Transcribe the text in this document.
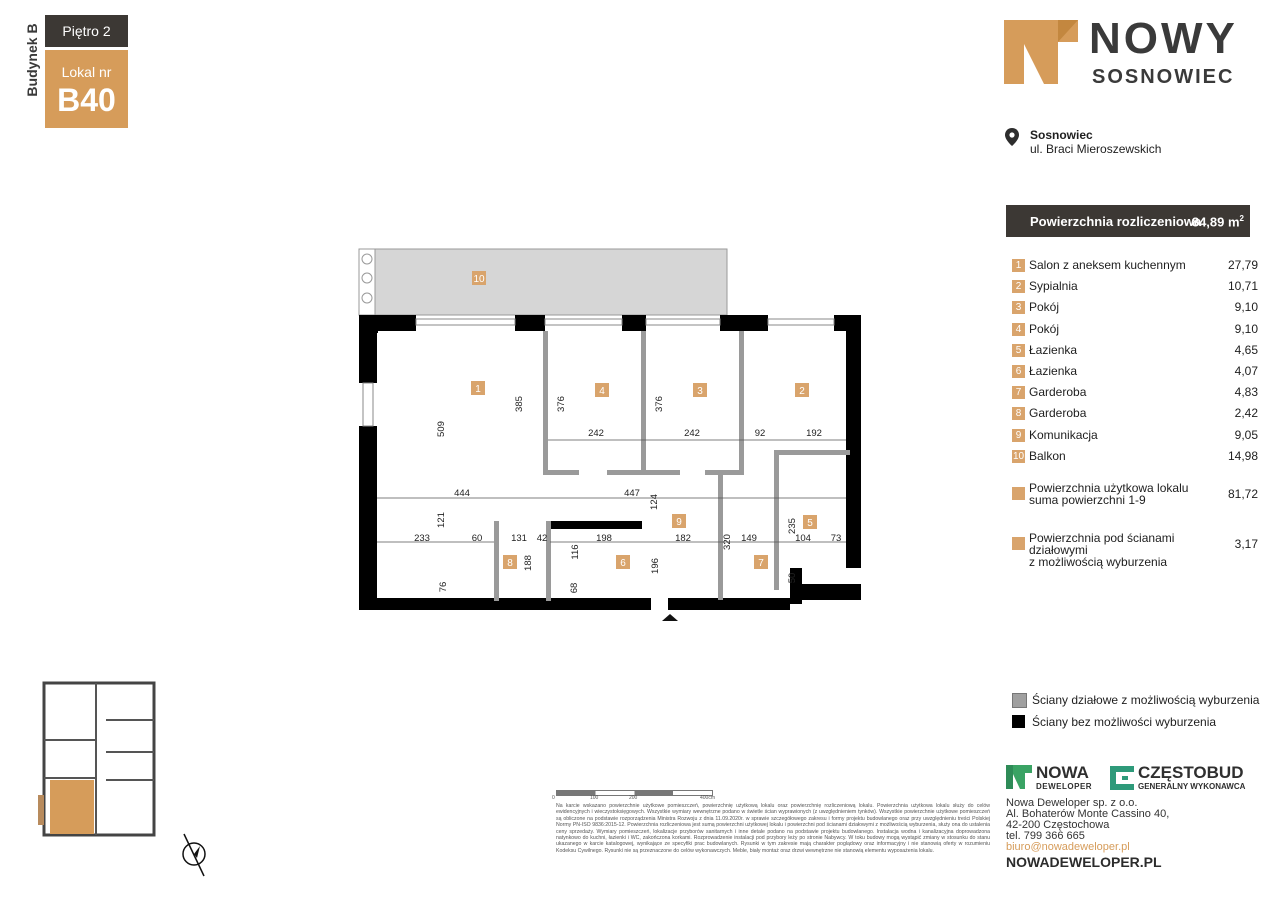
Budynek B	Piętro 2
Lokal nr
B40
NOWY
SOSNOWIEC
Sosnowiec
ul. Braci Mieroszewskich
Powierzchnia rozliczeniowa
84,89 $m^2$
1 Salon z aneksem kuchennym	27,79
2 Sypialnia	10,71
3 Pokój	9,10
4 Pokój	9,10
5 Łazienka	4,65
6 Łazienka	4,07
7 Garderoba	4,83
8 Garderoba	2,42
9 Komunikacja	9,05
10 Balkon	14,98
Powierzchnia użytkowa lokalu
suma powierzchni 1-9	81,72
Powierzchnia pod ścianami działowymi
z możliwością wyburzenia
3,17
1	2
3
4
5
6	7
8
9
10
385
509
376
242
376
242	92	192
444	447
124
121
233	60	131 42	198	182	320 149
235
104 73
188
116
68
196
76
50
0	100	200	400cm
Na karcie wskazano powierzchnie użytkowe pomieszczeń, powierzchnię użytkową lokalu oraz powierzchnię rozliczeniową lokalu. Powierzchnia użytkowa lokalu służy do celów ewidencyjnych i wieczystoksięgowych. Wszystkie wymiary wewnętrzne podano w świetle ścian wyprawionych (z uwzględnieniem tynków). Wszystkie powierzchnie użytkowe pomieszczeń są obliczone na podstawie rozporządzenia Ministra Rozwoju z dnia 11.09.2020r. w sprawie szczegółowego zakresu i formy projektu budowlanego oraz przy uwzględnieniu treści Polskiej Normy PN-ISO 9836:2015-12. Powierzchnia rozliczeniowa jest sumą powierzchni użytkowej lokalu i powierzchni pod ścianami działowymi z możliwością wyburzenia, służy ona do ustalenia ceny sprzedaży. Wymiary pomieszczeń, lokalizacje przyborów sanitarnych i inne detale podano na podstawie projektu budowlanego. Instalacja wodna i kanalizacyjna doprowadzona natynkowo do kuchni, łazienki i WC, zakończona korkami. Rozprowadzenie instalacji pod przybory leży po stronie Nabywcy. W toku budowy mogą wystąpić zmiany w stosunku do stanu ukazanego w karcie katalogowej, wynikające ze specyfiki prac budowlanych. Rysunki w tym zakresie mają charakter poglądowy oraz informacyjny i nie stanowią oferty w rozumieniu Kodeksu Cywilnego. Rysunki nie są przeznaczone do celów wykonawczych. Meble, biały montaż oraz drzwi wewnętrzne nie stanowią elementu wyposażenia lokalu.
Ściany działowe z możliwością wyburzenia
Ściany bez możliwości wyburzenia
NOWA
DEWELOPER
CZĘSTOBUD
GENERALNY WYKONAWCA
Nowa Deweloper sp. z o.o.
Al. Bohaterów Monte Cassino 40,
42-200 Częstochowa
tel. 799 366 665
biuro@nowadeweloper.pl
NOWADEWELOPER.PL
